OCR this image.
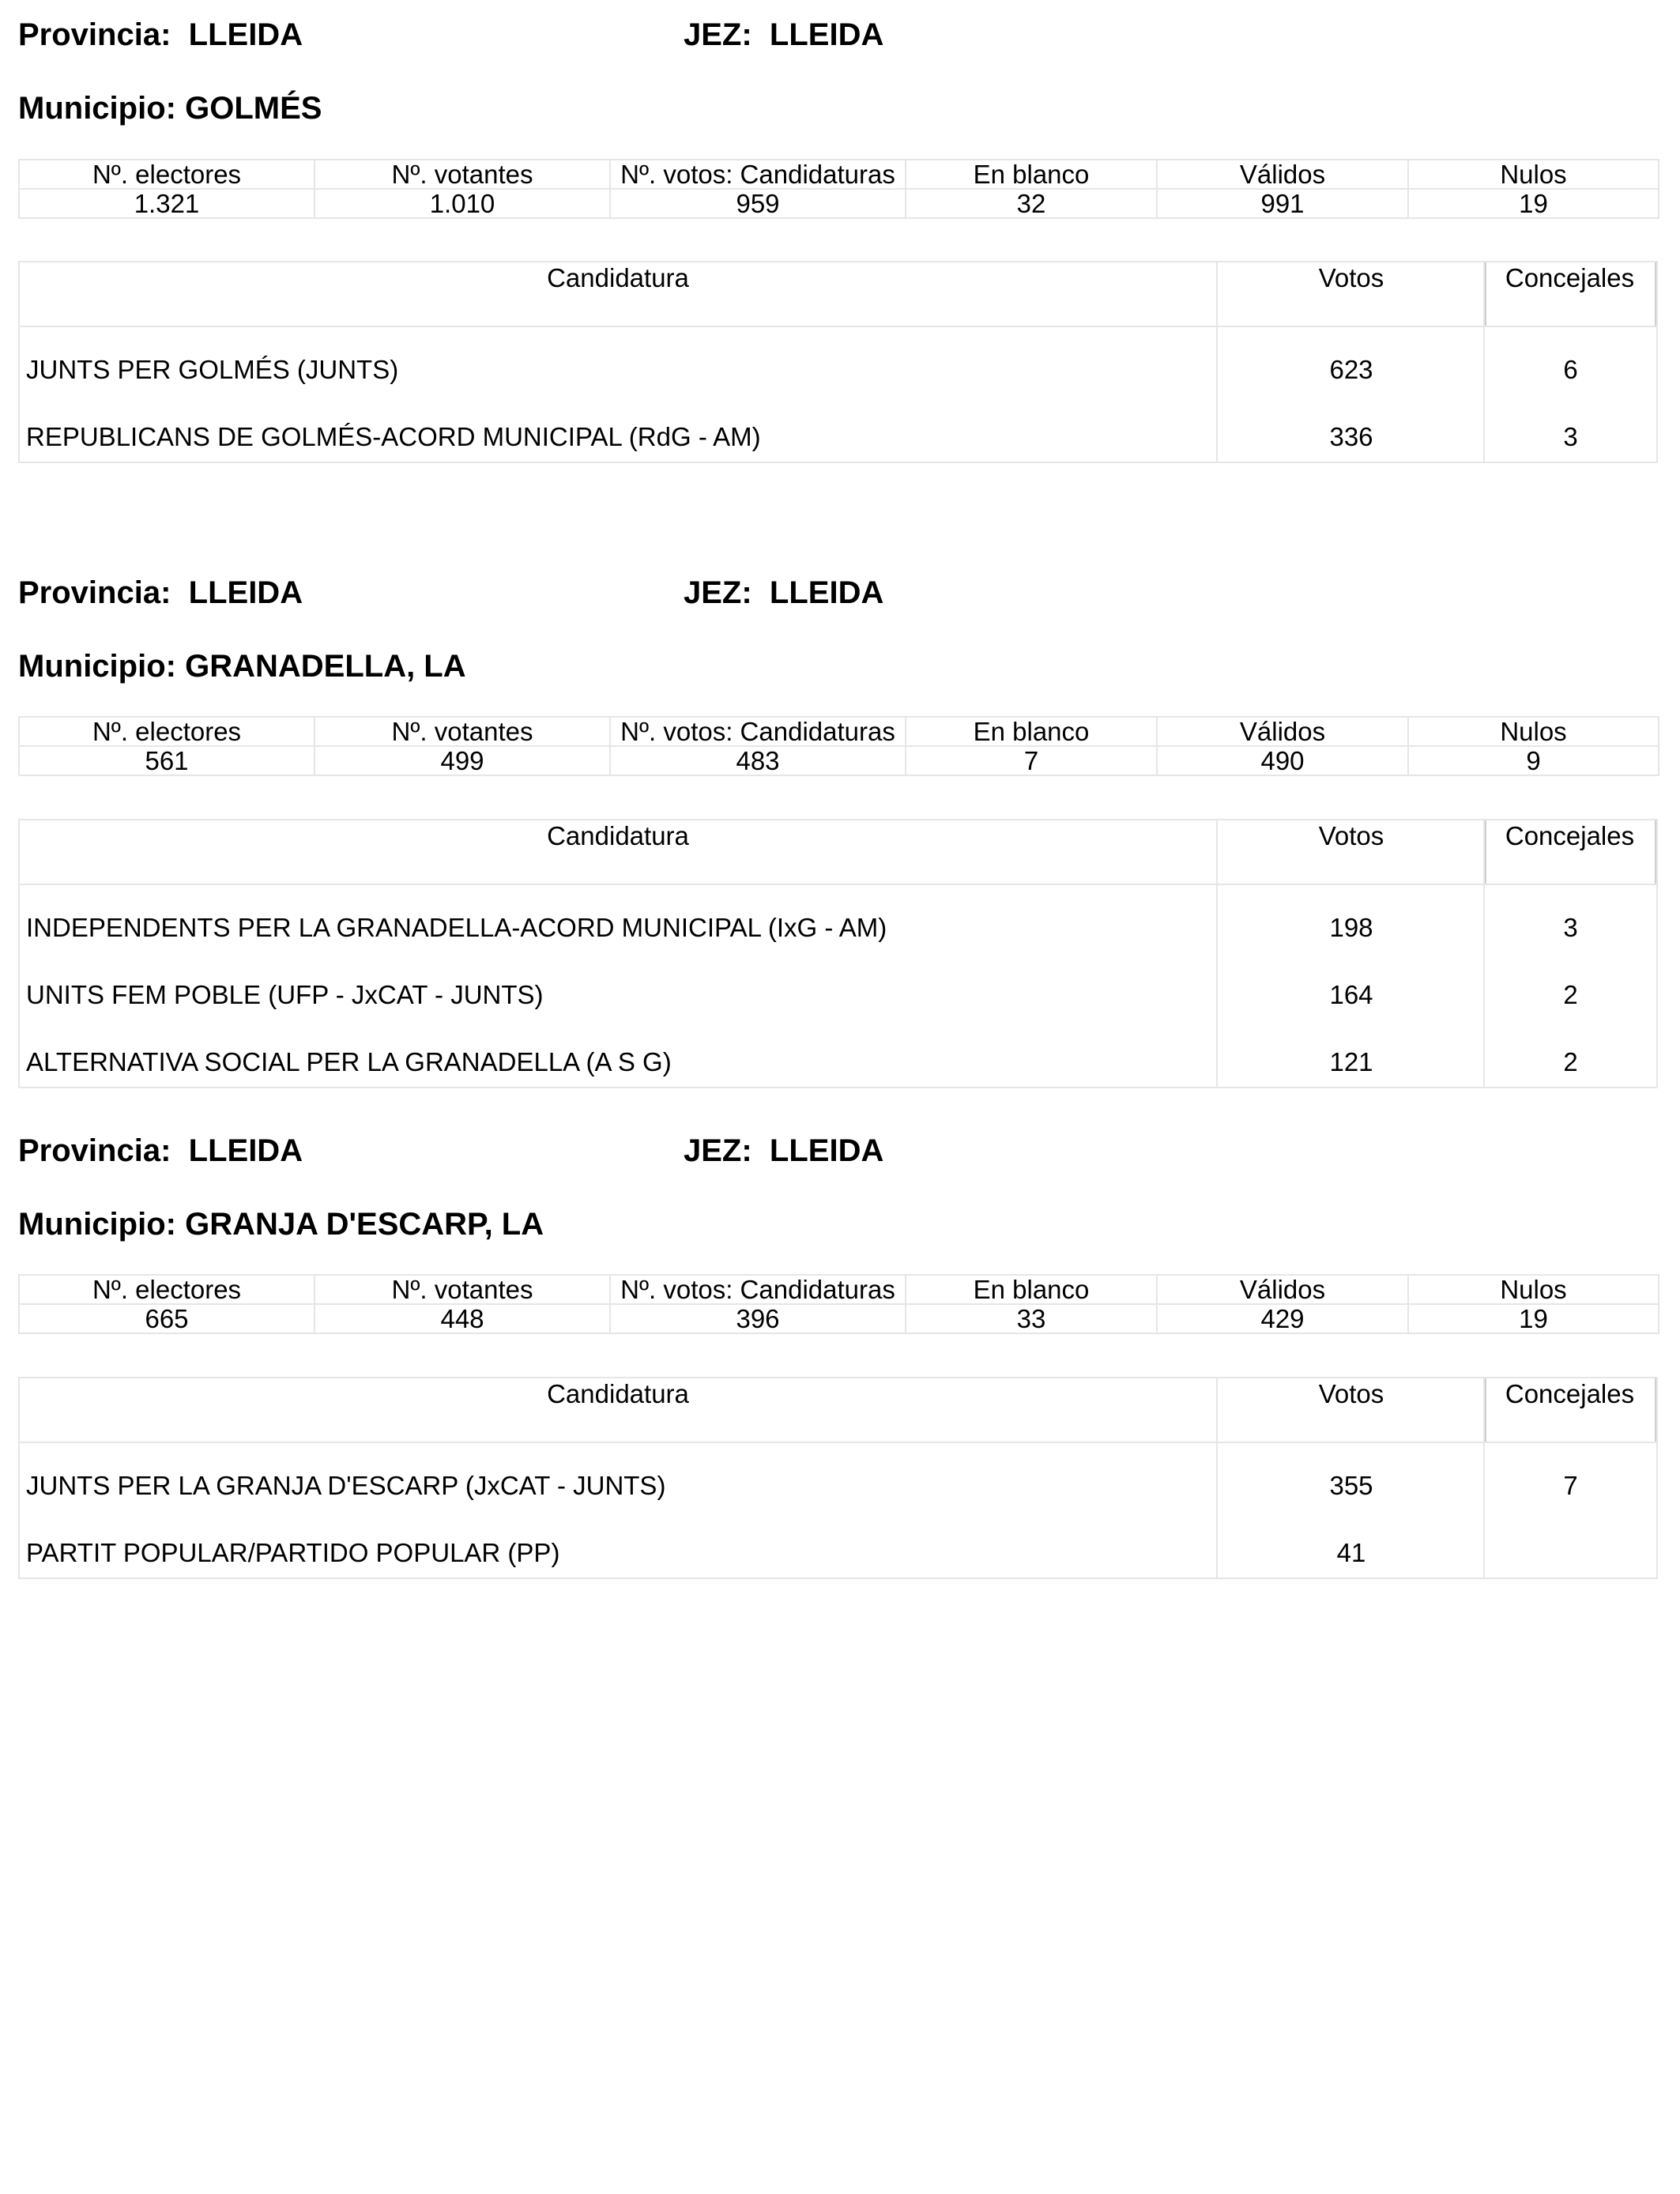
Provincia: LLEIDA	JEZ: LLEIDA
Municipio: GOLMÉS
Nº. electores	Nº. votantes	Nº. votos: Candidaturas	En blanco	Válidos	Nulos
1.321	1.010	959	32	991	19
Candidatura	Votos	Concejales
JUNTS PER GOLMÉS (JUNTS)	623	6
REPUBLICANS DE GOLMÉS-ACORD MUNICIPAL (RdG - AM)	336	3
Provincia: LLEIDA	JEZ: LLEIDA
Municipio: GRANADELLA, LA
Nº. electores	Nº. votantes	Nº. votos: Candidaturas	En blanco	Válidos	Nulos
561	499	483	7	490	9
Candidatura	Votos	Concejales
INDEPENDENTS PER LA GRANADELLA-ACORD MUNICIPAL (IxG - AM)	198	3
UNITS FEM POBLE (UFP - JxCAT - JUNTS)	164	2
ALTERNATIVA SOCIAL PER LA GRANADELLA (A S G)	121	2
Provincia: LLEIDA	JEZ: LLEIDA
Municipio: GRANJA D'ESCARP, LA
Nº. electores	Nº. votantes	Nº. votos: Candidaturas	En blanco	Válidos	Nulos
665	448	396	33	429	19
Candidatura	Votos	Concejales
JUNTS PER LA GRANJA D'ESCARP (JxCAT - JUNTS)	355	7
PARTIT POPULAR/PARTIDO POPULAR (PP)	41
